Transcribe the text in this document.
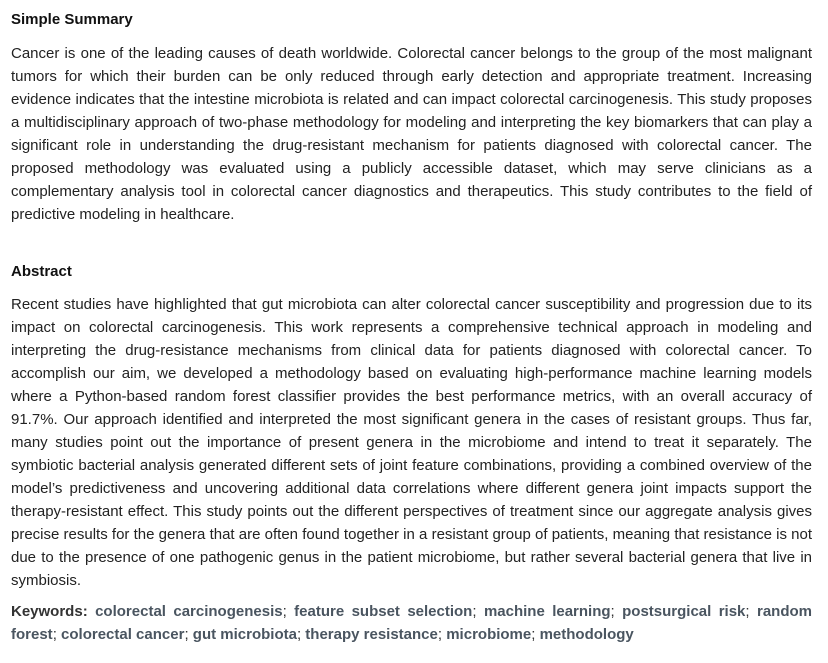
Simple Summary

Cancer is one of the leading causes of death worldwide. Colorectal cancer belongs to the group of the most malignant tumors for which their burden can be only reduced through early detection and appropriate treatment. Increasing evidence indicates that the intestine microbiota is related and can impact colorectal carcinogenesis. This study proposes a multidisciplinary approach of two-phase methodology for modeling and interpreting the key biomarkers that can play a significant role in understanding the drug-resistant mechanism for patients diagnosed with colorectal cancer. The proposed methodology was evaluated using a publicly accessible dataset, which may serve clinicians as a complementary analysis tool in colorectal cancer diagnostics and therapeutics. This study contributes to the field of predictive modeling in healthcare.

Abstract

Recent studies have highlighted that gut microbiota can alter colorectal cancer susceptibility and progression due to its impact on colorectal carcinogenesis. This work represents a comprehensive technical approach in modeling and interpreting the drug-resistance mechanisms from clinical data for patients diagnosed with colorectal cancer. To accomplish our aim, we developed a methodology based on evaluating high-performance machine learning models where a Python-based random forest classifier provides the best performance metrics, with an overall accuracy of 91.7%. Our approach identified and interpreted the most significant genera in the cases of resistant groups. Thus far, many studies point out the importance of present genera in the microbiome and intend to treat it separately. The symbiotic bacterial analysis generated different sets of joint feature combinations, providing a combined overview of the model’s predictiveness and uncovering additional data correlations where different genera joint impacts support the therapy-resistant effect. This study points out the different perspectives of treatment since our aggregate analysis gives precise results for the genera that are often found together in a resistant group of patients, meaning that resistance is not due to the presence of one pathogenic genus in the patient microbiome, but rather several bacterial genera that live in symbiosis.

Keywords: colorectal carcinogenesis; feature subset selection; machine learning; postsurgical risk; random forest; colorectal cancer; gut microbiota; therapy resistance; microbiome; methodology
